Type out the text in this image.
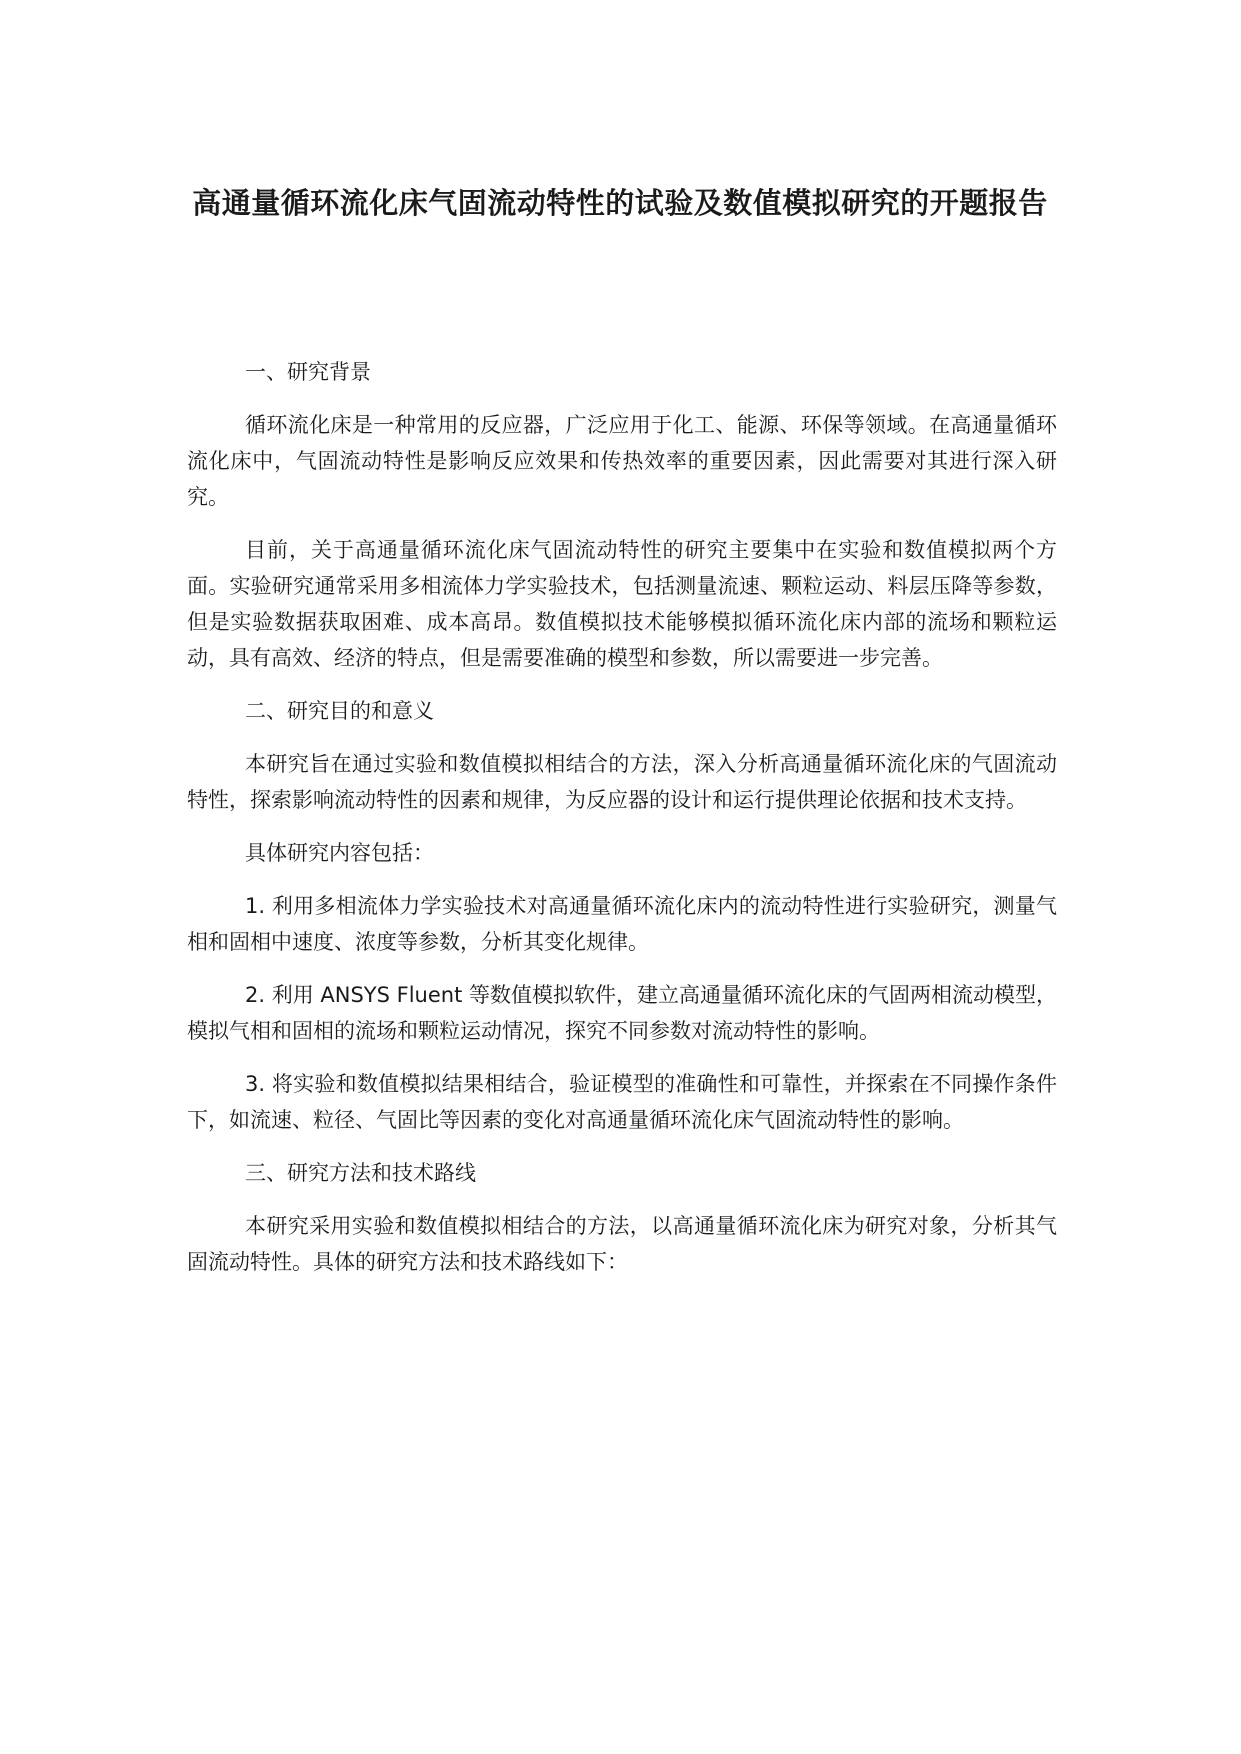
高通量循环流化床气固流动特性的试验及数值模拟研究的开题报告

一、研究背景

循环流化床是一种常用的反应器，广泛应用于化工、能源、环保等领域。在高通量循环流化床中，气固流动特性是影响反应效果和传热效率的重要因素，因此需要对其进行深入研究。

目前，关于高通量循环流化床气固流动特性的研究主要集中在实验和数值模拟两个方面。实验研究通常采用多相流体力学实验技术，包括测量流速、颗粒运动、料层压降等参数，但是实验数据获取困难、成本高昂。数值模拟技术能够模拟循环流化床内部的流场和颗粒运动，具有高效、经济的特点，但是需要准确的模型和参数，所以需要进一步完善。

二、研究目的和意义

本研究旨在通过实验和数值模拟相结合的方法，深入分析高通量循环流化床的气固流动特性，探索影响流动特性的因素和规律，为反应器的设计和运行提供理论依据和技术支持。

具体研究内容包括：

1. 利用多相流体力学实验技术对高通量循环流化床内的流动特性进行实验研究，测量气相和固相中速度、浓度等参数，分析其变化规律。

2. 利用 ANSYS Fluent 等数值模拟软件，建立高通量循环流化床的气固两相流动模型，模拟气相和固相的流场和颗粒运动情况，探究不同参数对流动特性的影响。

3. 将实验和数值模拟结果相结合，验证模型的准确性和可靠性，并探索在不同操作条件下，如流速、粒径、气固比等因素的变化对高通量循环流化床气固流动特性的影响。

三、研究方法和技术路线

本研究采用实验和数值模拟相结合的方法，以高通量循环流化床为研究对象，分析其气固流动特性。具体的研究方法和技术路线如下：
